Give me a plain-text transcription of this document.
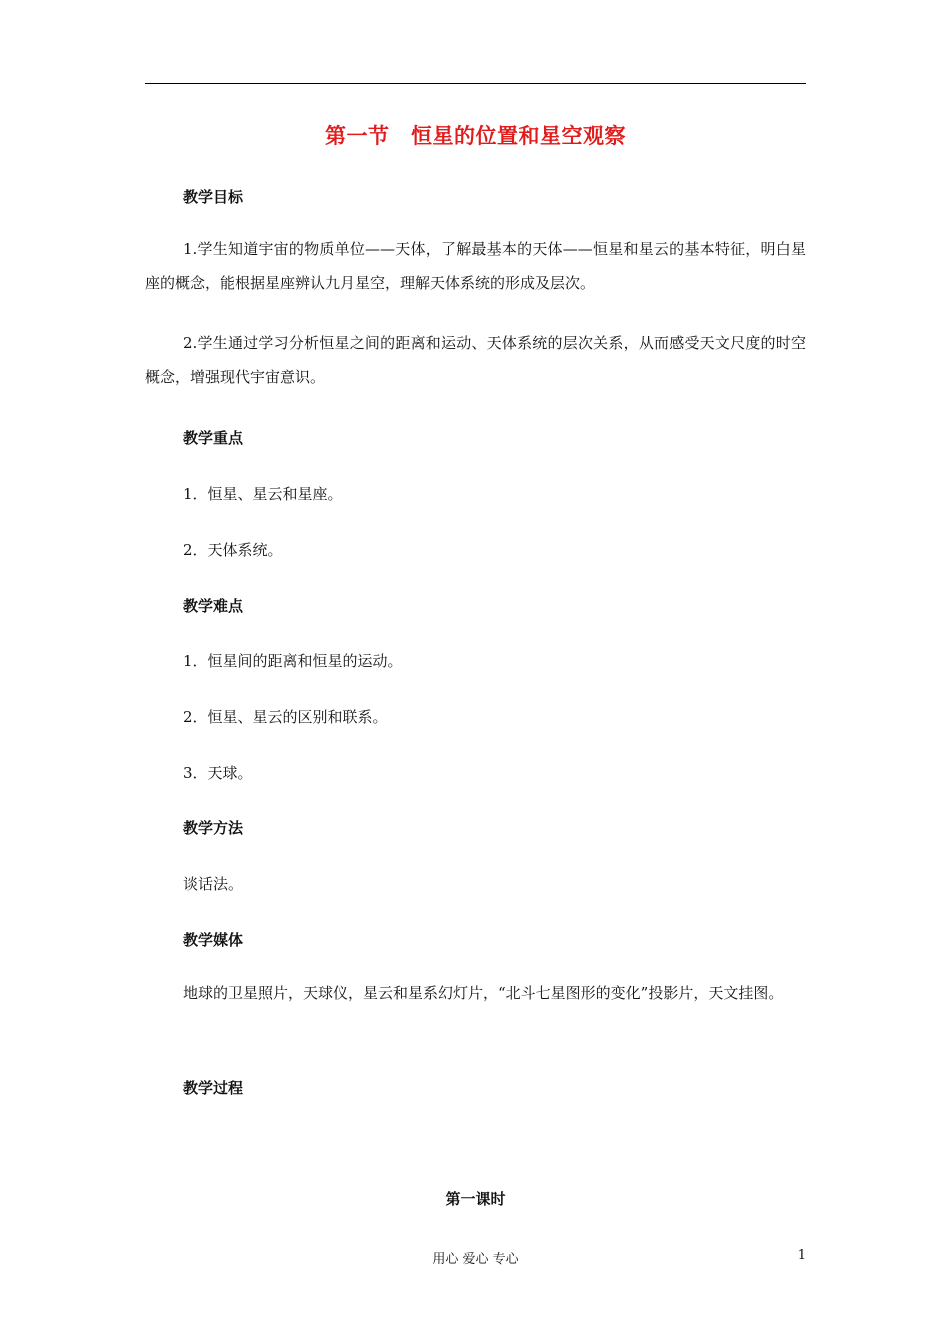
第一节　恒星的位置和星空观察
教学目标
1.学生知道宇宙的物质单位——天体，了解最基本的天体——恒星和星云的基本特征，明白星座的概念，能根据星座辨认九月星空，理解天体系统的形成及层次。
2.学生通过学习分析恒星之间的距离和运动、天体系统的层次关系，从而感受天文尺度的时空概念，增强现代宇宙意识。
教学重点
1．恒星、星云和星座。
2．天体系统。
教学难点
1．恒星间的距离和恒星的运动。
2．恒星、星云的区别和联系。
3．天球。
教学方法
谈话法。
教学媒体
地球的卫星照片，天球仪，星云和星系幻灯片，“北斗七星图形的变化”投影片，天文挂图。
教学过程
第一课时
用心 爱心 专心	1
